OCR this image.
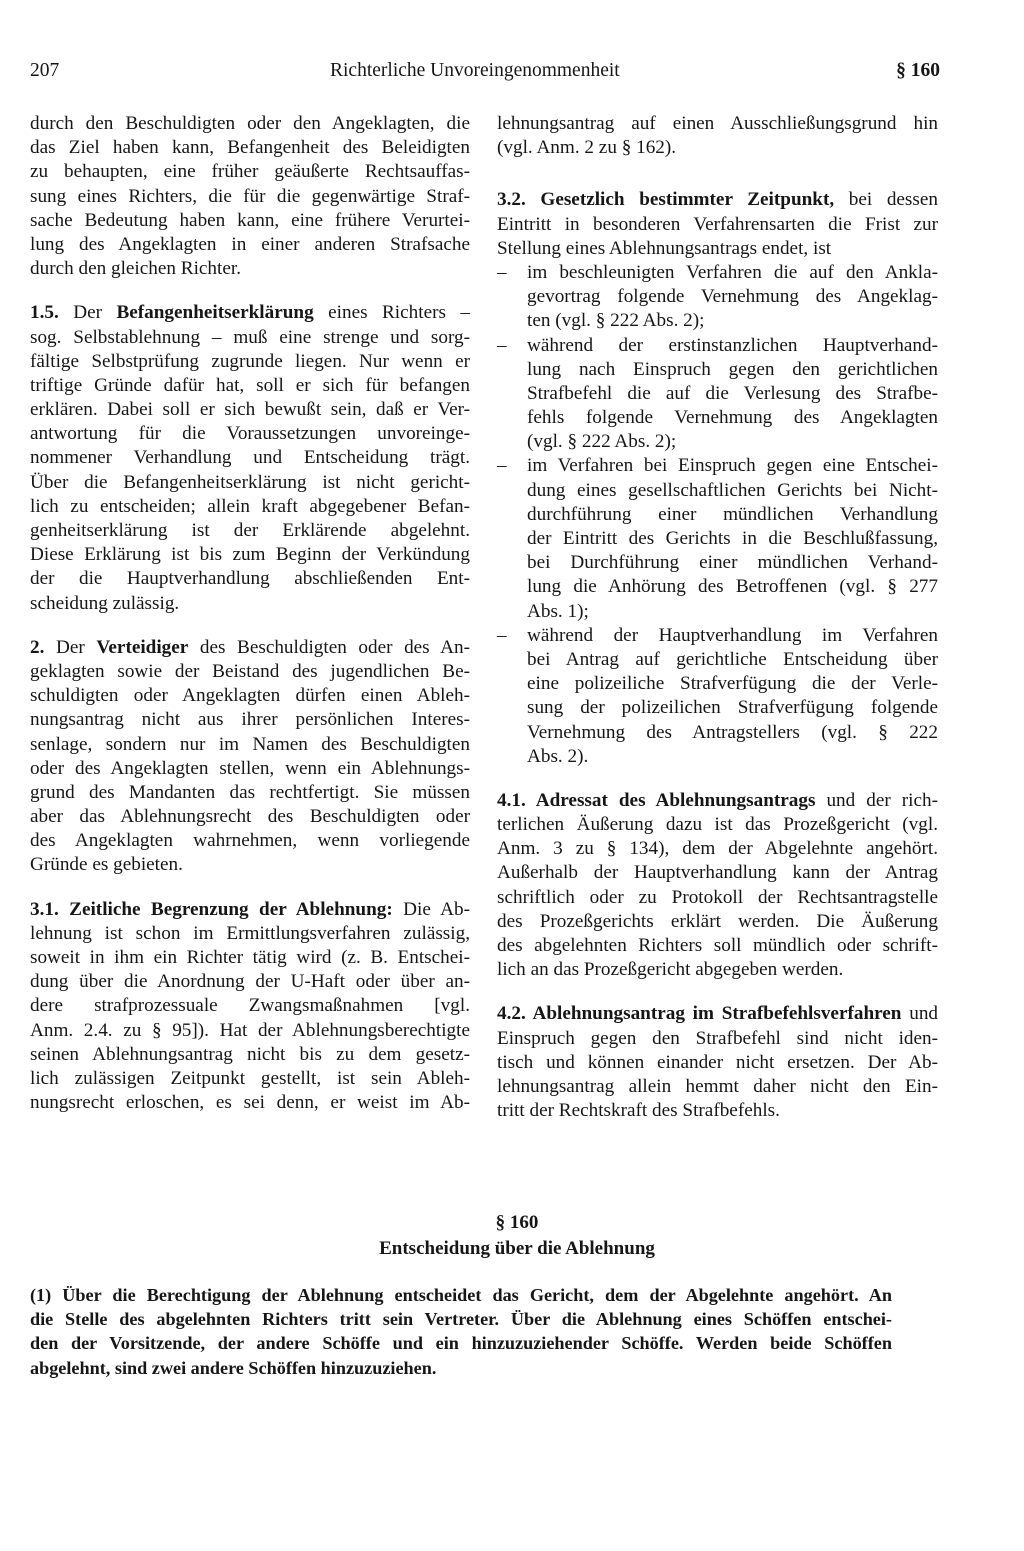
207	Richterliche Unvoreingenommenheit	§ 160
durch den Beschuldigten oder den Angeklagten, die
das Ziel haben kann, Befangenheit des Beleidigten
zu behaupten, eine früher geäußerte Rechtsauffas-
sung eines Richters, die für die gegenwärtige Straf-
sache Bedeutung haben kann, eine frühere Verurtei-
lung des Angeklagten in einer anderen Strafsache
durch den gleichen Richter.
1.5. Der Befangenheitserklärung eines Richters –
sog. Selbstablehnung – muß eine strenge und sorg-
fältige Selbstprüfung zugrunde liegen. Nur wenn er
triftige Gründe dafür hat, soll er sich für befangen
erklären. Dabei soll er sich bewußt sein, daß er Ver-
antwortung für die Voraussetzungen unvoreinge-
nommener Verhandlung und Entscheidung trägt.
Über die Befangenheitserklärung ist nicht gericht-
lich zu entscheiden; allein kraft abgegebener Befan-
genheitserklärung ist der Erklärende abgelehnt.
Diese Erklärung ist bis zum Beginn der Verkündung
der die Hauptverhandlung abschließenden Ent-
scheidung zulässig.
2. Der Verteidiger des Beschuldigten oder des An-
geklagten sowie der Beistand des jugendlichen Be-
schuldigten oder Angeklagten dürfen einen Ableh-
nungsantrag nicht aus ihrer persönlichen Interes-
senlage, sondern nur im Namen des Beschuldigten
oder des Angeklagten stellen, wenn ein Ablehnungs-
grund des Mandanten das rechtfertigt. Sie müssen
aber das Ablehnungsrecht des Beschuldigten oder
des Angeklagten wahrnehmen, wenn vorliegende
Gründe es gebieten.
3.1. Zeitliche Begrenzung der Ablehnung: Die Ab-
lehnung ist schon im Ermittlungsverfahren zulässig,
soweit in ihm ein Richter tätig wird (z. B. Entschei-
dung über die Anordnung der U-Haft oder über an-
dere strafprozessuale Zwangsmaßnahmen [vgl.
Anm. 2.4. zu § 95]). Hat der Ablehnungsberechtigte
seinen Ablehnungsantrag nicht bis zu dem gesetz-
lich zulässigen Zeitpunkt gestellt, ist sein Ableh-
nungsrecht erloschen, es sei denn, er weist im Ab-
lehnungsantrag auf einen Ausschließungsgrund hin
(vgl. Anm. 2 zu § 162).
3.2. Gesetzlich bestimmter Zeitpunkt, bei dessen
Eintritt in besonderen Verfahrensarten die Frist zur
Stellung eines Ablehnungsantrags endet, ist
– im beschleunigten Verfahren die auf den Ankla-
gevortrag folgende Vernehmung des Angeklag-
ten (vgl. § 222 Abs. 2);
– während der erstinstanzlichen Hauptverhand-
lung nach Einspruch gegen den gerichtlichen
Strafbefehl die auf die Verlesung des Strafbe-
fehls folgende Vernehmung des Angeklagten
(vgl. § 222 Abs. 2);
– im Verfahren bei Einspruch gegen eine Entschei-
dung eines gesellschaftlichen Gerichts bei Nicht-
durchführung einer mündlichen Verhandlung
der Eintritt des Gerichts in die Beschlußfassung,
bei Durchführung einer mündlichen Verhand-
lung die Anhörung des Betroffenen (vgl. § 277
Abs. 1);
– während der Hauptverhandlung im Verfahren
bei Antrag auf gerichtliche Entscheidung über
eine polizeiliche Strafverfügung die der Verle-
sung der polizeilichen Strafverfügung folgende
Vernehmung des Antragstellers (vgl. § 222
Abs. 2).
4.1. Adressat des Ablehnungsantrags und der rich-
terlichen Äußerung dazu ist das Prozeßgericht (vgl.
Anm. 3 zu § 134), dem der Abgelehnte angehört.
Außerhalb der Hauptverhandlung kann der Antrag
schriftlich oder zu Protokoll der Rechtsantragstelle
des Prozeßgerichts erklärt werden. Die Äußerung
des abgelehnten Richters soll mündlich oder schrift-
lich an das Prozeßgericht abgegeben werden.
4.2. Ablehnungsantrag im Strafbefehlsverfahren und
Einspruch gegen den Strafbefehl sind nicht iden-
tisch und können einander nicht ersetzen. Der Ab-
lehnungsantrag allein hemmt daher nicht den Ein-
tritt der Rechtskraft des Strafbefehls.
§ 160
Entscheidung über die Ablehnung
(1) Über die Berechtigung der Ablehnung entscheidet das Gericht, dem der Abgelehnte angehört. An
die Stelle des abgelehnten Richters tritt sein Vertreter. Über die Ablehnung eines Schöffen entschei-
den der Vorsitzende, der andere Schöffe und ein hinzuzuziehender Schöffe. Werden beide Schöffen
abgelehnt, sind zwei andere Schöffen hinzuzuziehen.
